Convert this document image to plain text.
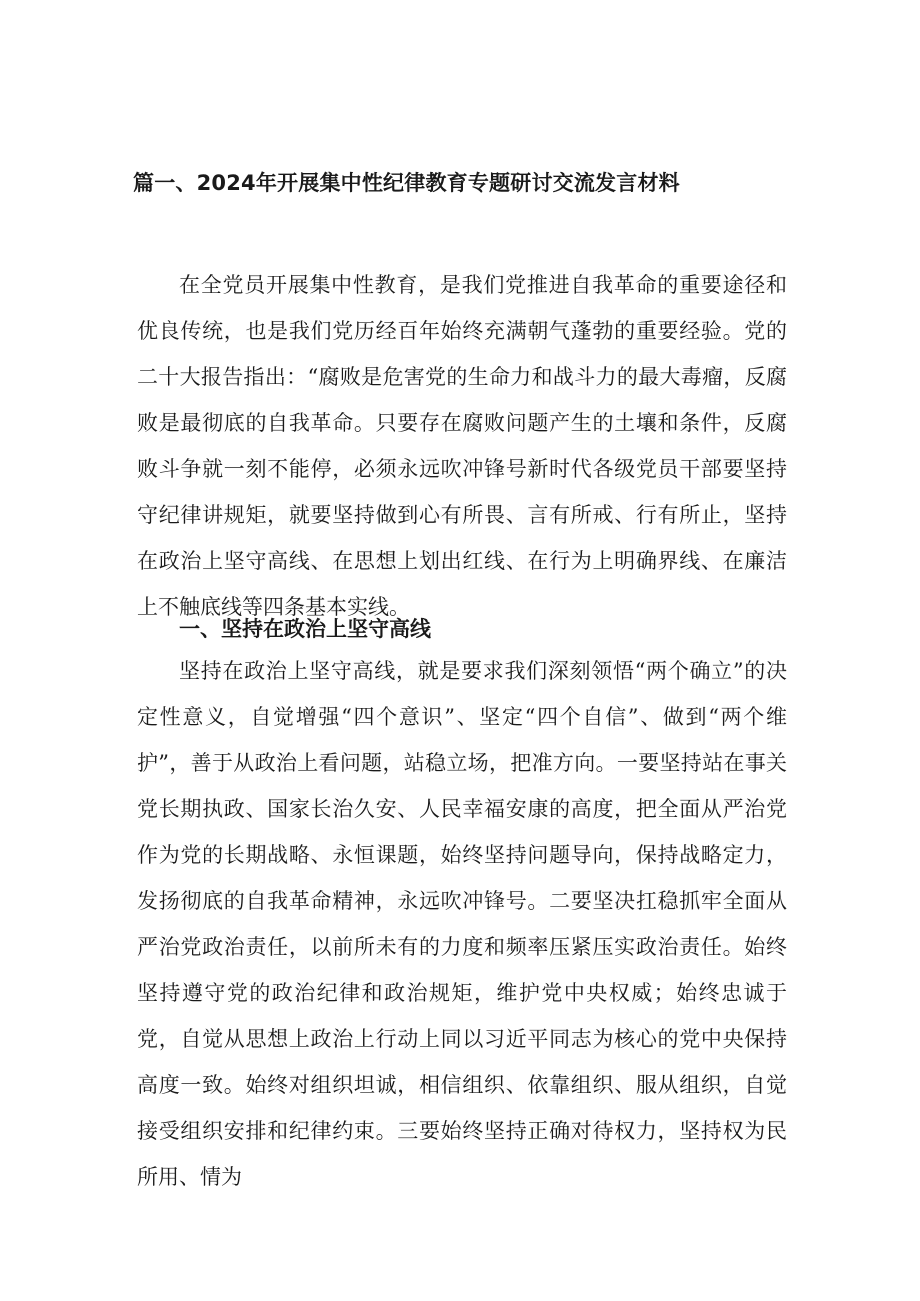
篇一、2024年开展集中性纪律教育专题研讨交流发言材料

在全党员开展集中性教育，是我们党推进自我革命的重要途径和优良传统，也是我们党历经百年始终充满朝气蓬勃的重要经验。党的二十大报告指出：“腐败是危害党的生命力和战斗力的最大毒瘤，反腐败是最彻底的自我革命。只要存在腐败问题产生的土壤和条件，反腐败斗争就一刻不能停，必须永远吹冲锋号新时代各级党员干部要坚持守纪律讲规矩，就要坚持做到心有所畏、言有所戒、行有所止，坚持在政治上坚守高线、在思想上划出红线、在行为上明确界线、在廉洁上不触底线等四条基本实线。

一、坚持在政治上坚守高线

坚持在政治上坚守高线，就是要求我们深刻领悟“两个确立”的决定性意义，自觉增强“四个意识”、坚定“四个自信”、做到“两个维护”，善于从政治上看问题，站稳立场，把准方向。一要坚持站在事关党长期执政、国家长治久安、人民幸福安康的高度，把全面从严治党作为党的长期战略、永恒课题，始终坚持问题导向，保持战略定力，发扬彻底的自我革命精神，永远吹冲锋号。二要坚决扛稳抓牢全面从严治党政治责任，以前所未有的力度和频率压紧压实政治责任。始终坚持遵守党的政治纪律和政治规矩，维护党中央权威；始终忠诚于党，自觉从思想上政治上行动上同以习近平同志为核心的党中央保持高度一致。始终对组织坦诚，相信组织、依靠组织、服从组织，自觉接受组织安排和纪律约束。三要始终坚持正确对待权力，坚持权为民所用、情为
